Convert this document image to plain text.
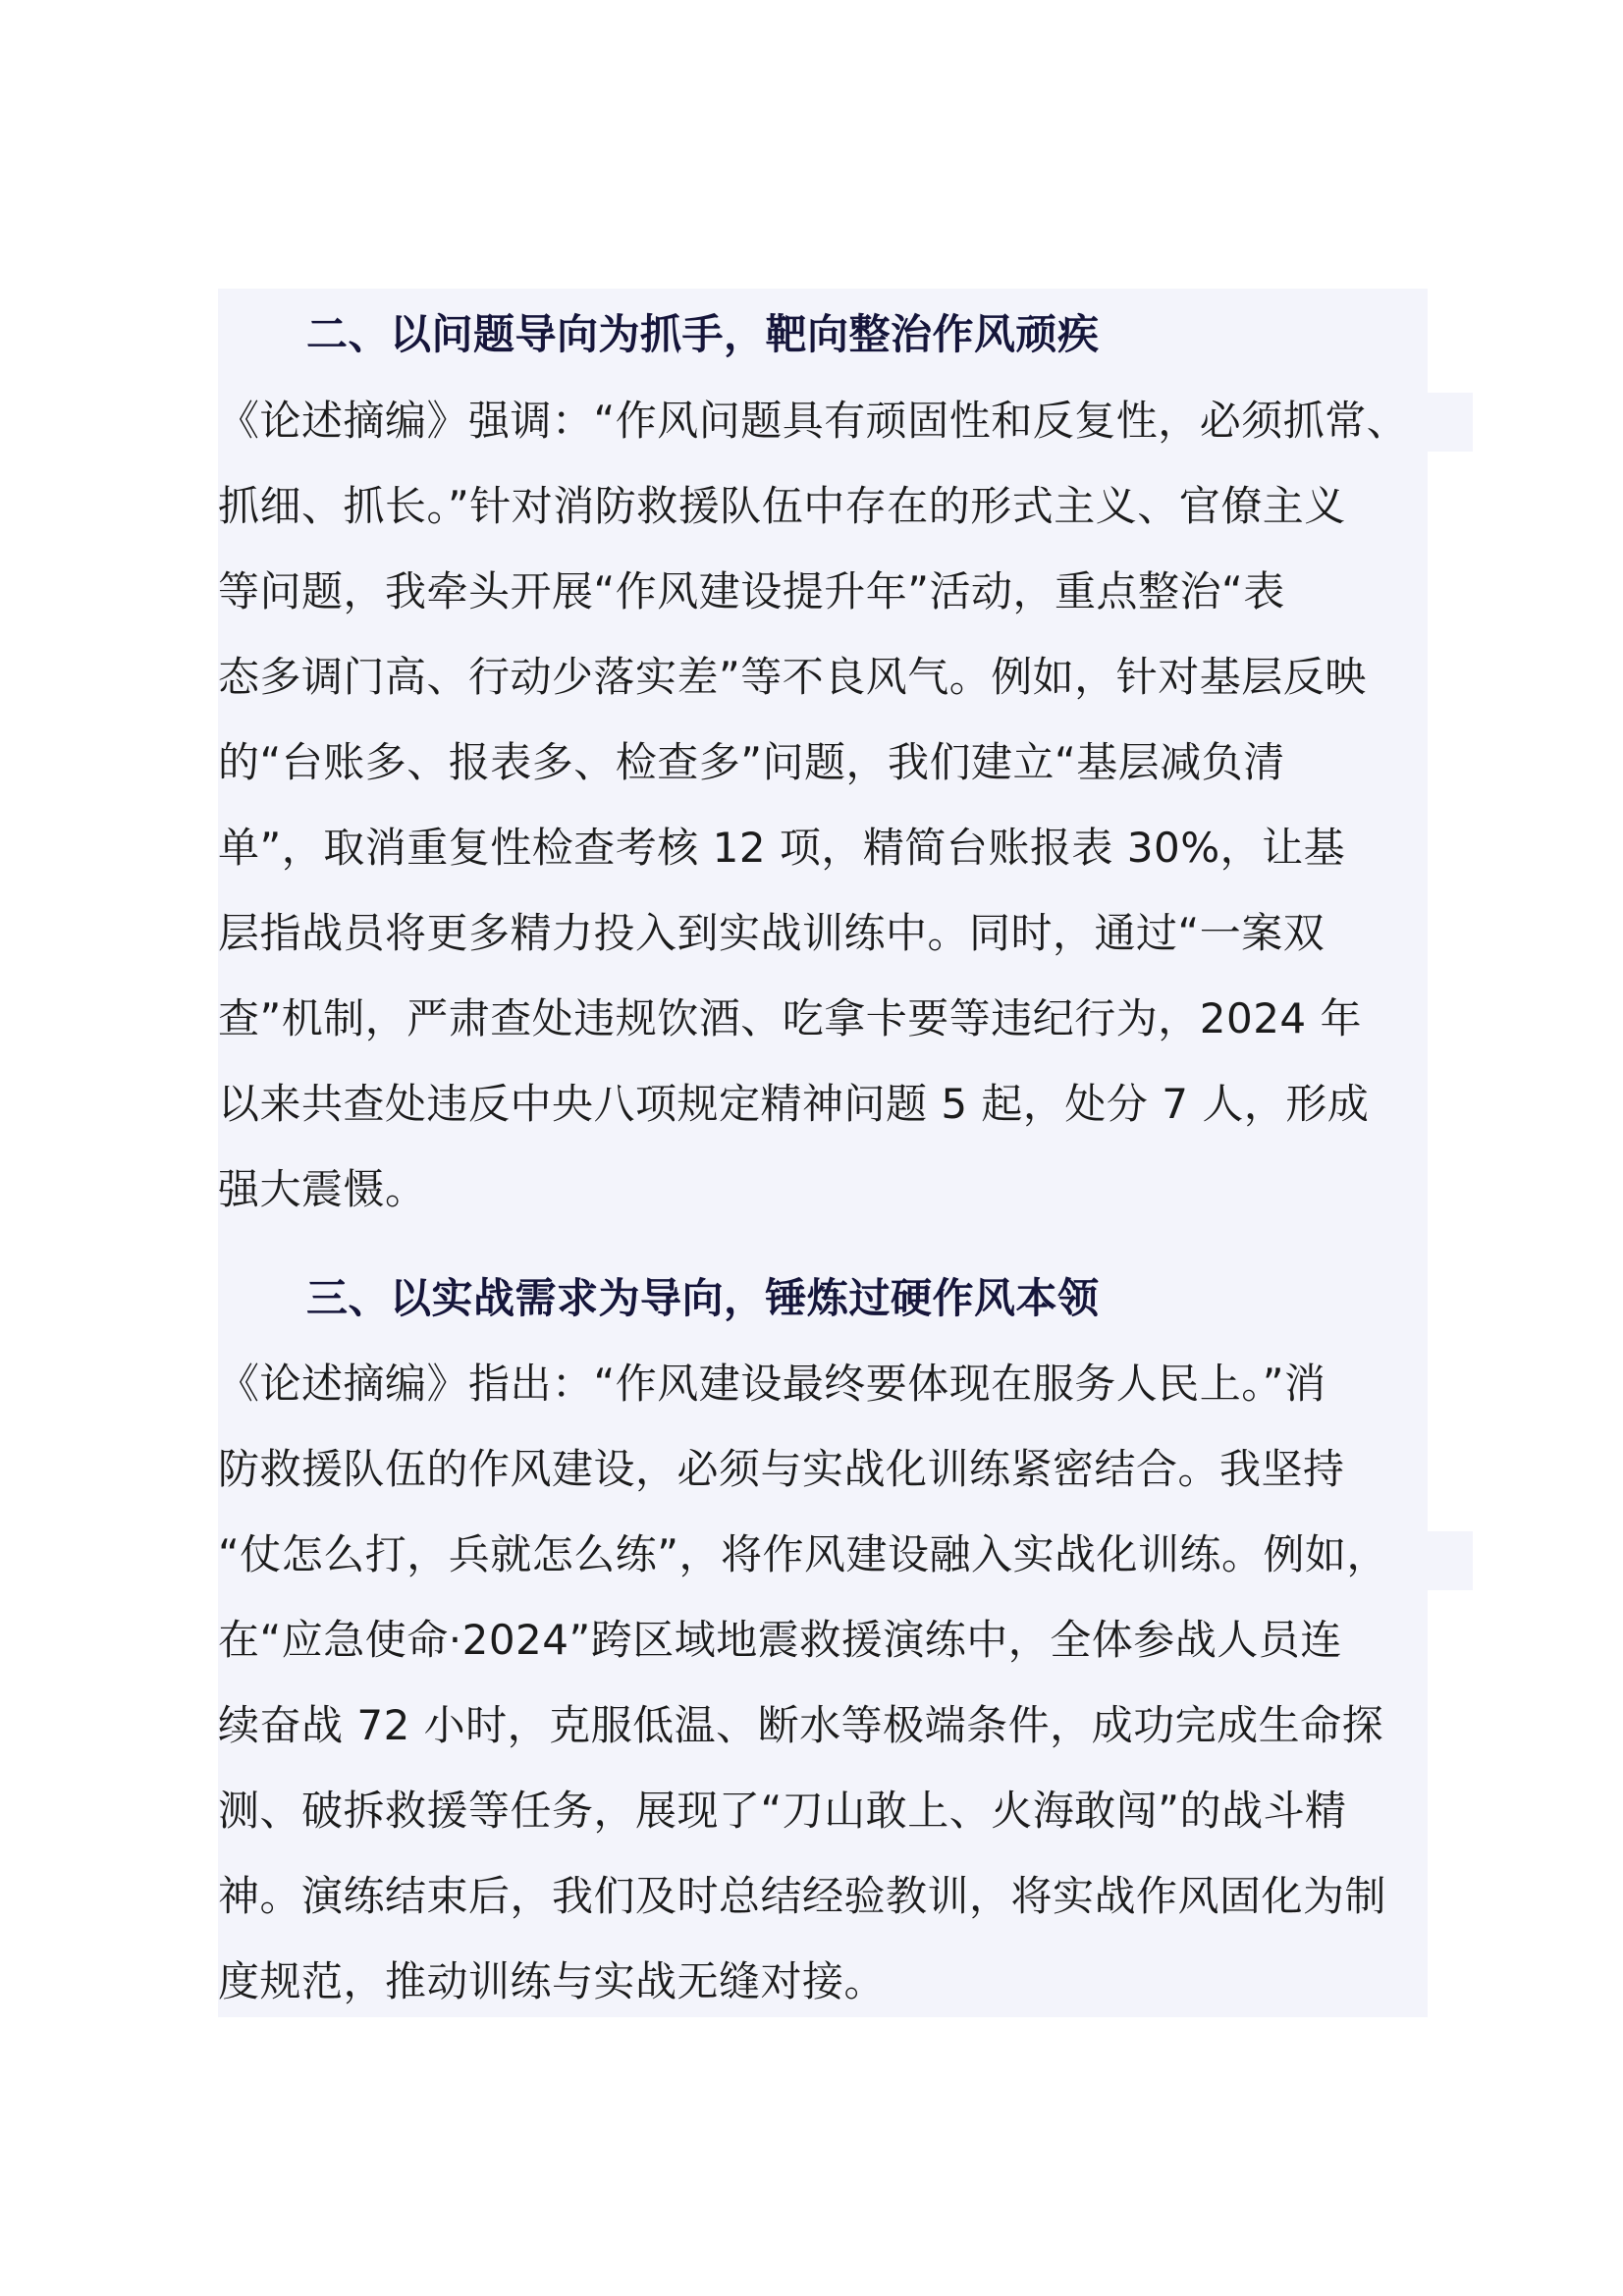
二、以问题导向为抓手，靶向整治作风顽疾
《论述摘编》强调：“作风问题具有顽固性和反复性，必须抓常、
抓细、抓长。”针对消防救援队伍中存在的形式主义、官僚主义
等问题，我牵头开展“作风建设提升年”活动，重点整治“表
态多调门高、行动少落实差”等不良风气。例如，针对基层反映
的“台账多、报表多、检查多”问题，我们建立“基层减负清
单”，取消重复性检查考核 12 项，精简台账报表 30%，让基
层指战员将更多精力投入到实战训练中。同时，通过“一案双
查”机制，严肃查处违规饮酒、吃拿卡要等违纪行为，2024 年
以来共查处违反中央八项规定精神问题 5 起，处分 7 人，形成
强大震慑。
三、以实战需求为导向，锤炼过硬作风本领
《论述摘编》指出：“作风建设最终要体现在服务人民上。”消
防救援队伍的作风建设，必须与实战化训练紧密结合。我坚持
“仗怎么打，兵就怎么练”，将作风建设融入实战化训练。例如，
在“应急使命·2024”跨区域地震救援演练中，全体参战人员连
续奋战 72 小时，克服低温、断水等极端条件，成功完成生命探
测、破拆救援等任务，展现了“刀山敢上、火海敢闯”的战斗精
神。演练结束后，我们及时总结经验教训，将实战作风固化为制
度规范，推动训练与实战无缝对接。
